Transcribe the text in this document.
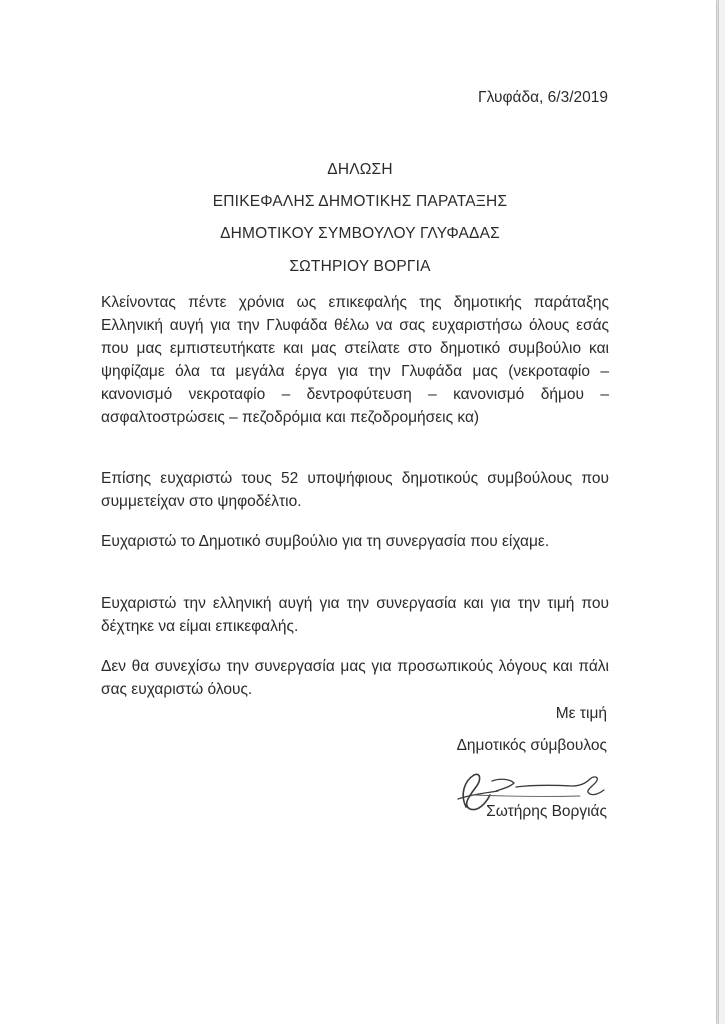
Γλυφάδα, 6/3/2019
ΔΗΛΩΣΗ
ΕΠΙΚΕΦΑΛΗΣ ΔΗΜΟΤΙΚΗΣ ΠΑΡΑΤΑΞΗΣ
ΔΗΜΟΤΙΚΟΥ ΣΥΜΒΟΥΛΟΥ ΓΛΥΦΑΔΑΣ
ΣΩΤΗΡΙΟΥ ΒΟΡΓΙΑ

Κλείνοντας πέντε χρόνια ως επικεφαλής της δημοτικής παράταξης Ελληνική αυγή για την Γλυφάδα θέλω να σας ευχαριστήσω όλους εσάς που μας εμπιστευτήκατε και μας στείλατε στο δημοτικό συμβούλιο και ψηφίζαμε όλα τα μεγάλα έργα για την Γλυφάδα μας (νεκροταφίο – κανονισμό νεκροταφίο – δεντροφύτευση – κανονισμό δήμου – ασφαλτοστρώσεις – πεζοδρόμια και πεζοδρομήσεις κα)

Επίσης ευχαριστώ τους 52 υποψήφιους δημοτικούς συμβούλους που συμμετείχαν στο ψηφοδέλτιο.

Ευχαριστώ το Δημοτικό συμβούλιο για τη συνεργασία που είχαμε.

Ευχαριστώ την ελληνική αυγή για την συνεργασία και για την τιμή που δέχτηκε να είμαι επικεφαλής.

Δεν θα συνεχίσω την συνεργασία μας για προσωπικούς λόγους και πάλι σας ευχαριστώ όλους.

Με τιμή
Δημοτικός σύμβουλος
Σωτήρης Βοργιάς
